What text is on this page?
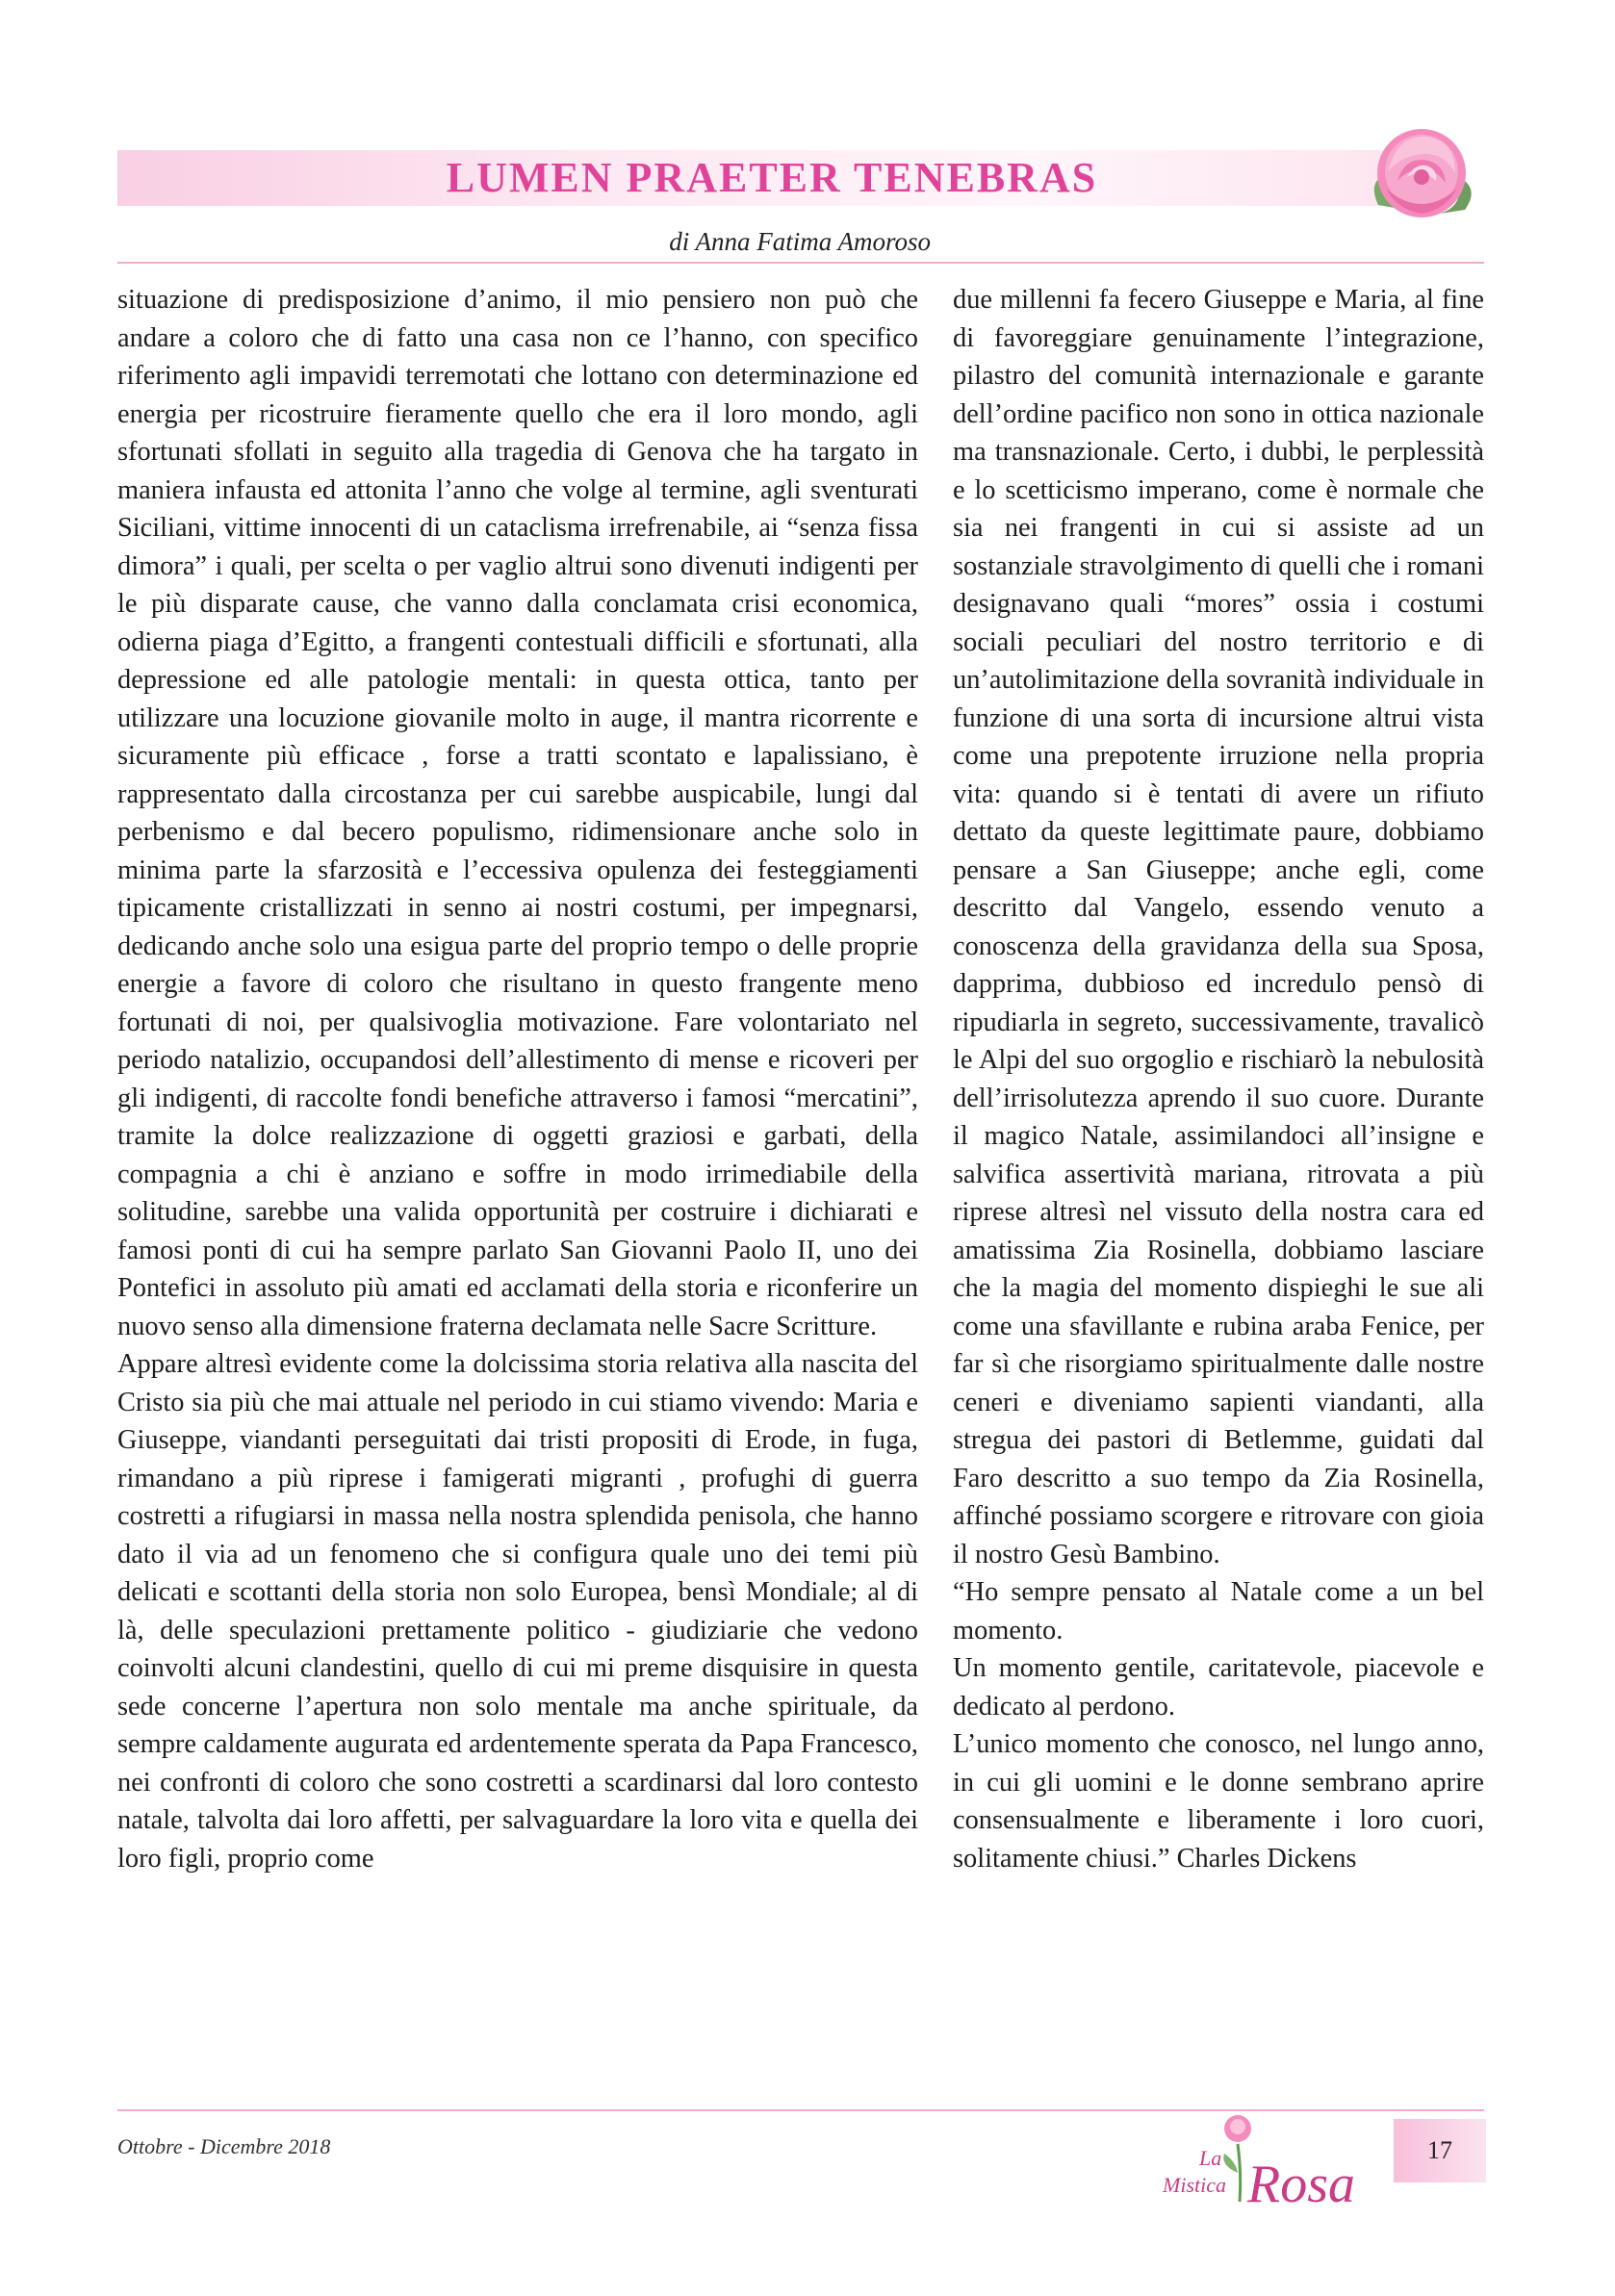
LUMEN PRAETER TENEBRAS
di Anna Fatima Amoroso

situazione di predisposizione d’animo, il mio pensiero non può che andare a coloro che di fatto una casa non ce l’hanno, con specifico riferimento agli impavidi terremotati che lottano con determinazione ed energia per ricostruire fieramente quello che era il loro mondo, agli sfortunati sfollati in seguito alla tragedia di Genova che ha targato in maniera infausta ed attonita l’anno che volge al termine, agli sventurati Siciliani, vittime innocenti di un cataclisma irrefrenabile, ai “senza fissa dimora” i quali, per scelta o per vaglio altrui sono divenuti indigenti per le più disparate cause, che vanno dalla conclamata crisi economica, odierna piaga d’Egitto, a frangenti contestuali difficili e sfortunati, alla depressione ed alle patologie mentali: in questa ottica, tanto per utilizzare una locuzione giovanile molto in auge, il mantra ricorrente e sicuramente più efficace , forse a tratti scontato e lapalissiano, è rappresentato dalla circostanza per cui sarebbe auspicabile, lungi dal perbenismo e dal becero populismo, ridimensionare anche solo in minima parte la sfarzosità e l’eccessiva opulenza dei festeggiamenti tipicamente cristallizzati in senno ai nostri costumi, per impegnarsi, dedicando anche solo una esigua parte del proprio tempo o delle proprie energie a favore di coloro che risultano in questo frangente meno fortunati di noi, per qualsivoglia motivazione. Fare volontariato nel periodo natalizio, occupandosi dell’allestimento di mense e ricoveri per gli indigenti, di raccolte fondi benefiche attraverso i famosi “mercatini”, tramite la dolce realizzazione di oggetti graziosi e garbati, della compagnia a chi è anziano e soffre in modo irrimediabile della solitudine, sarebbe una valida opportunità per costruire i dichiarati e famosi ponti di cui ha sempre parlato San Giovanni Paolo II, uno dei Pontefici in assoluto più amati ed acclamati della storia e riconferire un nuovo senso alla dimensione fraterna declamata nelle Sacre Scritture.

Appare altresì evidente come la dolcissima storia relativa alla nascita del Cristo sia più che mai attuale nel periodo in cui stiamo vivendo: Maria e Giuseppe, viandanti perseguitati dai tristi propositi di Erode, in fuga, rimandano a più riprese i famigerati migranti , profughi di guerra costretti a rifugiarsi in massa nella nostra splendida penisola, che hanno dato il via ad un fenomeno che si configura quale uno dei temi più delicati e scottanti della storia non solo Europea, bensì Mondiale; al di là, delle speculazioni prettamente politico - giudiziarie che vedono coinvolti alcuni clandestini, quello di cui mi preme disquisire in questa sede concerne l’apertura non solo mentale ma anche spirituale, da sempre caldamente augurata ed ardentemente sperata da Papa Francesco, nei confronti di coloro che sono costretti a scardinarsi dal loro contesto natale, talvolta dai loro affetti, per salvaguardare la loro vita e quella dei loro figli, proprio come

due millenni fa fecero Giuseppe e Maria, al fine di favoreggiare genuinamente l’integrazione, pilastro del comunità internazionale e garante dell’ordine pacifico non sono in ottica nazionale ma transnazionale. Certo, i dubbi, le perplessità e lo scetticismo imperano, come è normale che sia nei frangenti in cui si assiste ad un sostanziale stravolgimento di quelli che i romani designavano quali “mores” ossia i costumi sociali peculiari del nostro territorio e di un’autolimitazione della sovranità individuale in funzione di una sorta di incursione altrui vista come una prepotente irruzione nella propria vita: quando si è tentati di avere un rifiuto dettato da queste legittimate paure, dobbiamo pensare a San Giuseppe; anche egli, come descritto dal Vangelo, essendo venuto a conoscenza della gravidanza della sua Sposa, dapprima, dubbioso ed incredulo pensò di ripudiarla in segreto, successivamente, travalicò le Alpi del suo orgoglio e rischiarò la nebulosità dell’irrisolutezza aprendo il suo cuore. Durante il magico Natale, assimilandoci all’insigne e salvifica assertività mariana, ritrovata a più riprese altresì nel vissuto della nostra cara ed amatissima Zia Rosinella, dobbiamo lasciare che la magia del momento dispieghi le sue ali come una sfavillante e rubina araba Fenice, per far sì che risorgiamo spiritualmente dalle nostre ceneri e diveniamo sapienti viandanti, alla stregua dei pastori di Betlemme, guidati dal Faro descritto a suo tempo da Zia Rosinella, affinché possiamo scorgere e ritrovare con gioia il nostro Gesù Bambino.

“Ho sempre pensato al Natale come a un bel momento.

Un momento gentile, caritatevole, piacevole e dedicato al perdono.

L’unico momento che conosco, nel lungo anno, in cui gli uomini e le donne sembrano aprire consensualmente e liberamente i loro cuori, solitamente chiusi.” Charles Dickens

Ottobre - Dicembre 2018	La
Mistica Rosa
17
